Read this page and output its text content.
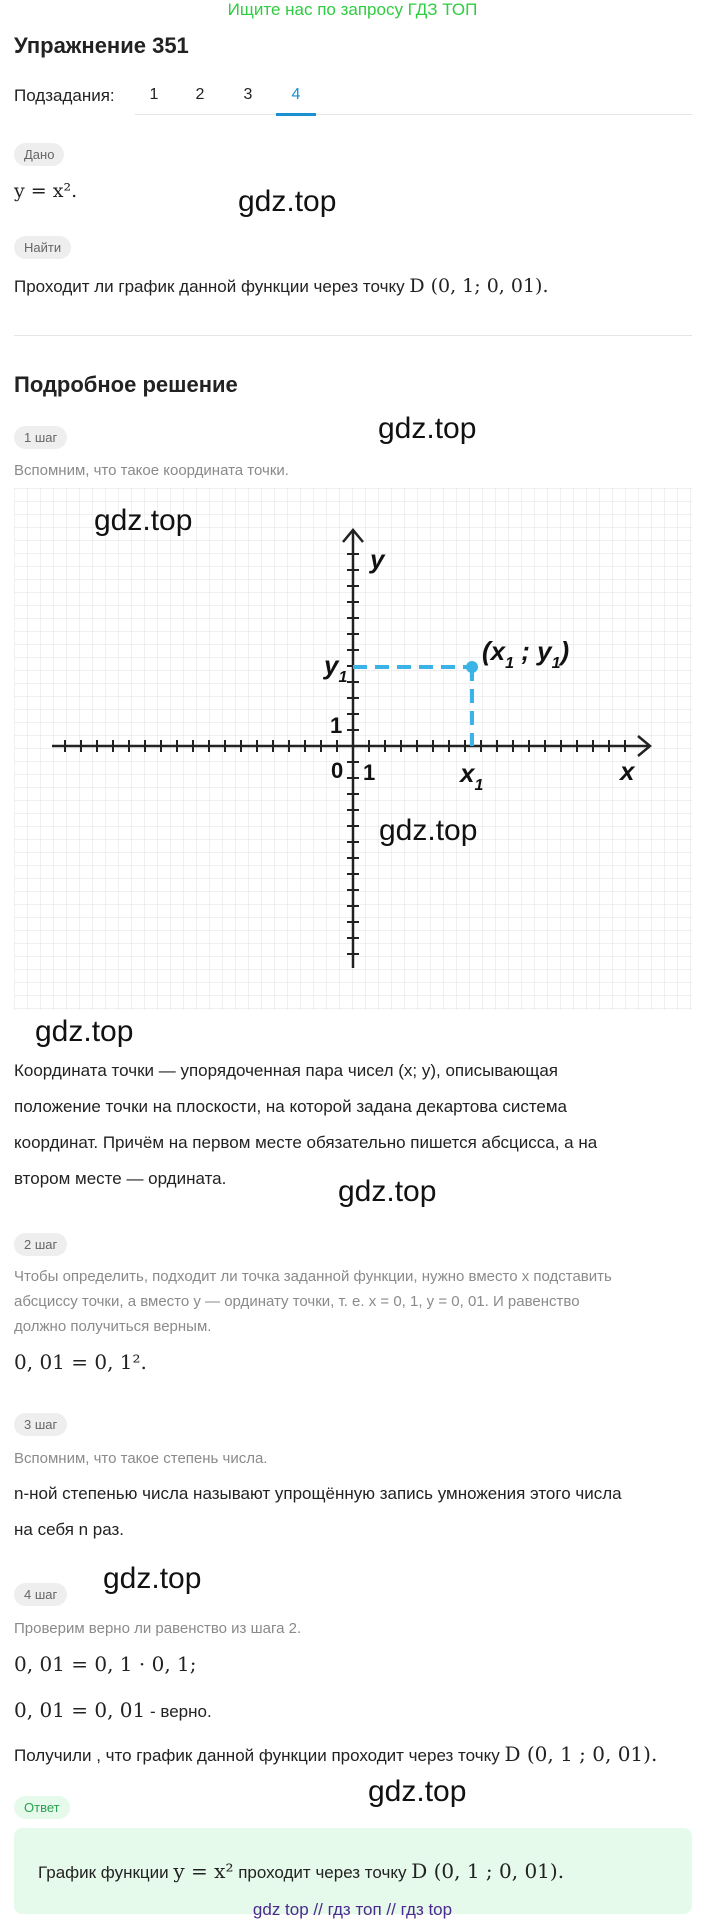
Ищите нас по запросу ГДЗ ТОП
Упражнение 351
Подзадания:	1	2	3	4
Дано
y = x².	gdz.top
Найти
Проходит ли график данной функции через точку D (0, 1; 0, 01).
Подробное решение
1 шаг	gdz.top
Вспомним, что такое координата точки.
y
x
0 1
1
$x_1$
$y_1$
($x_1$ ; $y_1$)
gdz.top
gdz.top
gdz.top
Координата точки — упорядоченная пара чисел (x; y), описывающая
положение точки на плоскости, на которой задана декартова система
координат. Причём на первом месте обязательно пишется абсцисса, а на
втором месте — ордината.	gdz.top
2 шаг
Чтобы определить, подходит ли точка заданной функции, нужно вместо x подставить
абсциссу точки, а вместо y — ординату точки, т. е. x = 0, 1, y = 0, 01. И равенство
должно получиться верным.
0, 01 = 0, 1².
3 шаг
Вспомним, что такое степень числа.
n-ной степенью числа называют упрощённую запись умножения этого числа
на себя n раз.
4 шаг	gdz.top
Проверим верно ли равенство из шага 2.
0, 01 = 0, 1 · 0, 1;
0, 01 = 0, 01 - верно.
Получили , что график данной функции проходит через точку D (0, 1 ; 0, 01).
gdz.top
Ответ
График функции y = x² проходит через точку D (0, 1 ; 0, 01).
gdz top // гдз топ // гдз top
